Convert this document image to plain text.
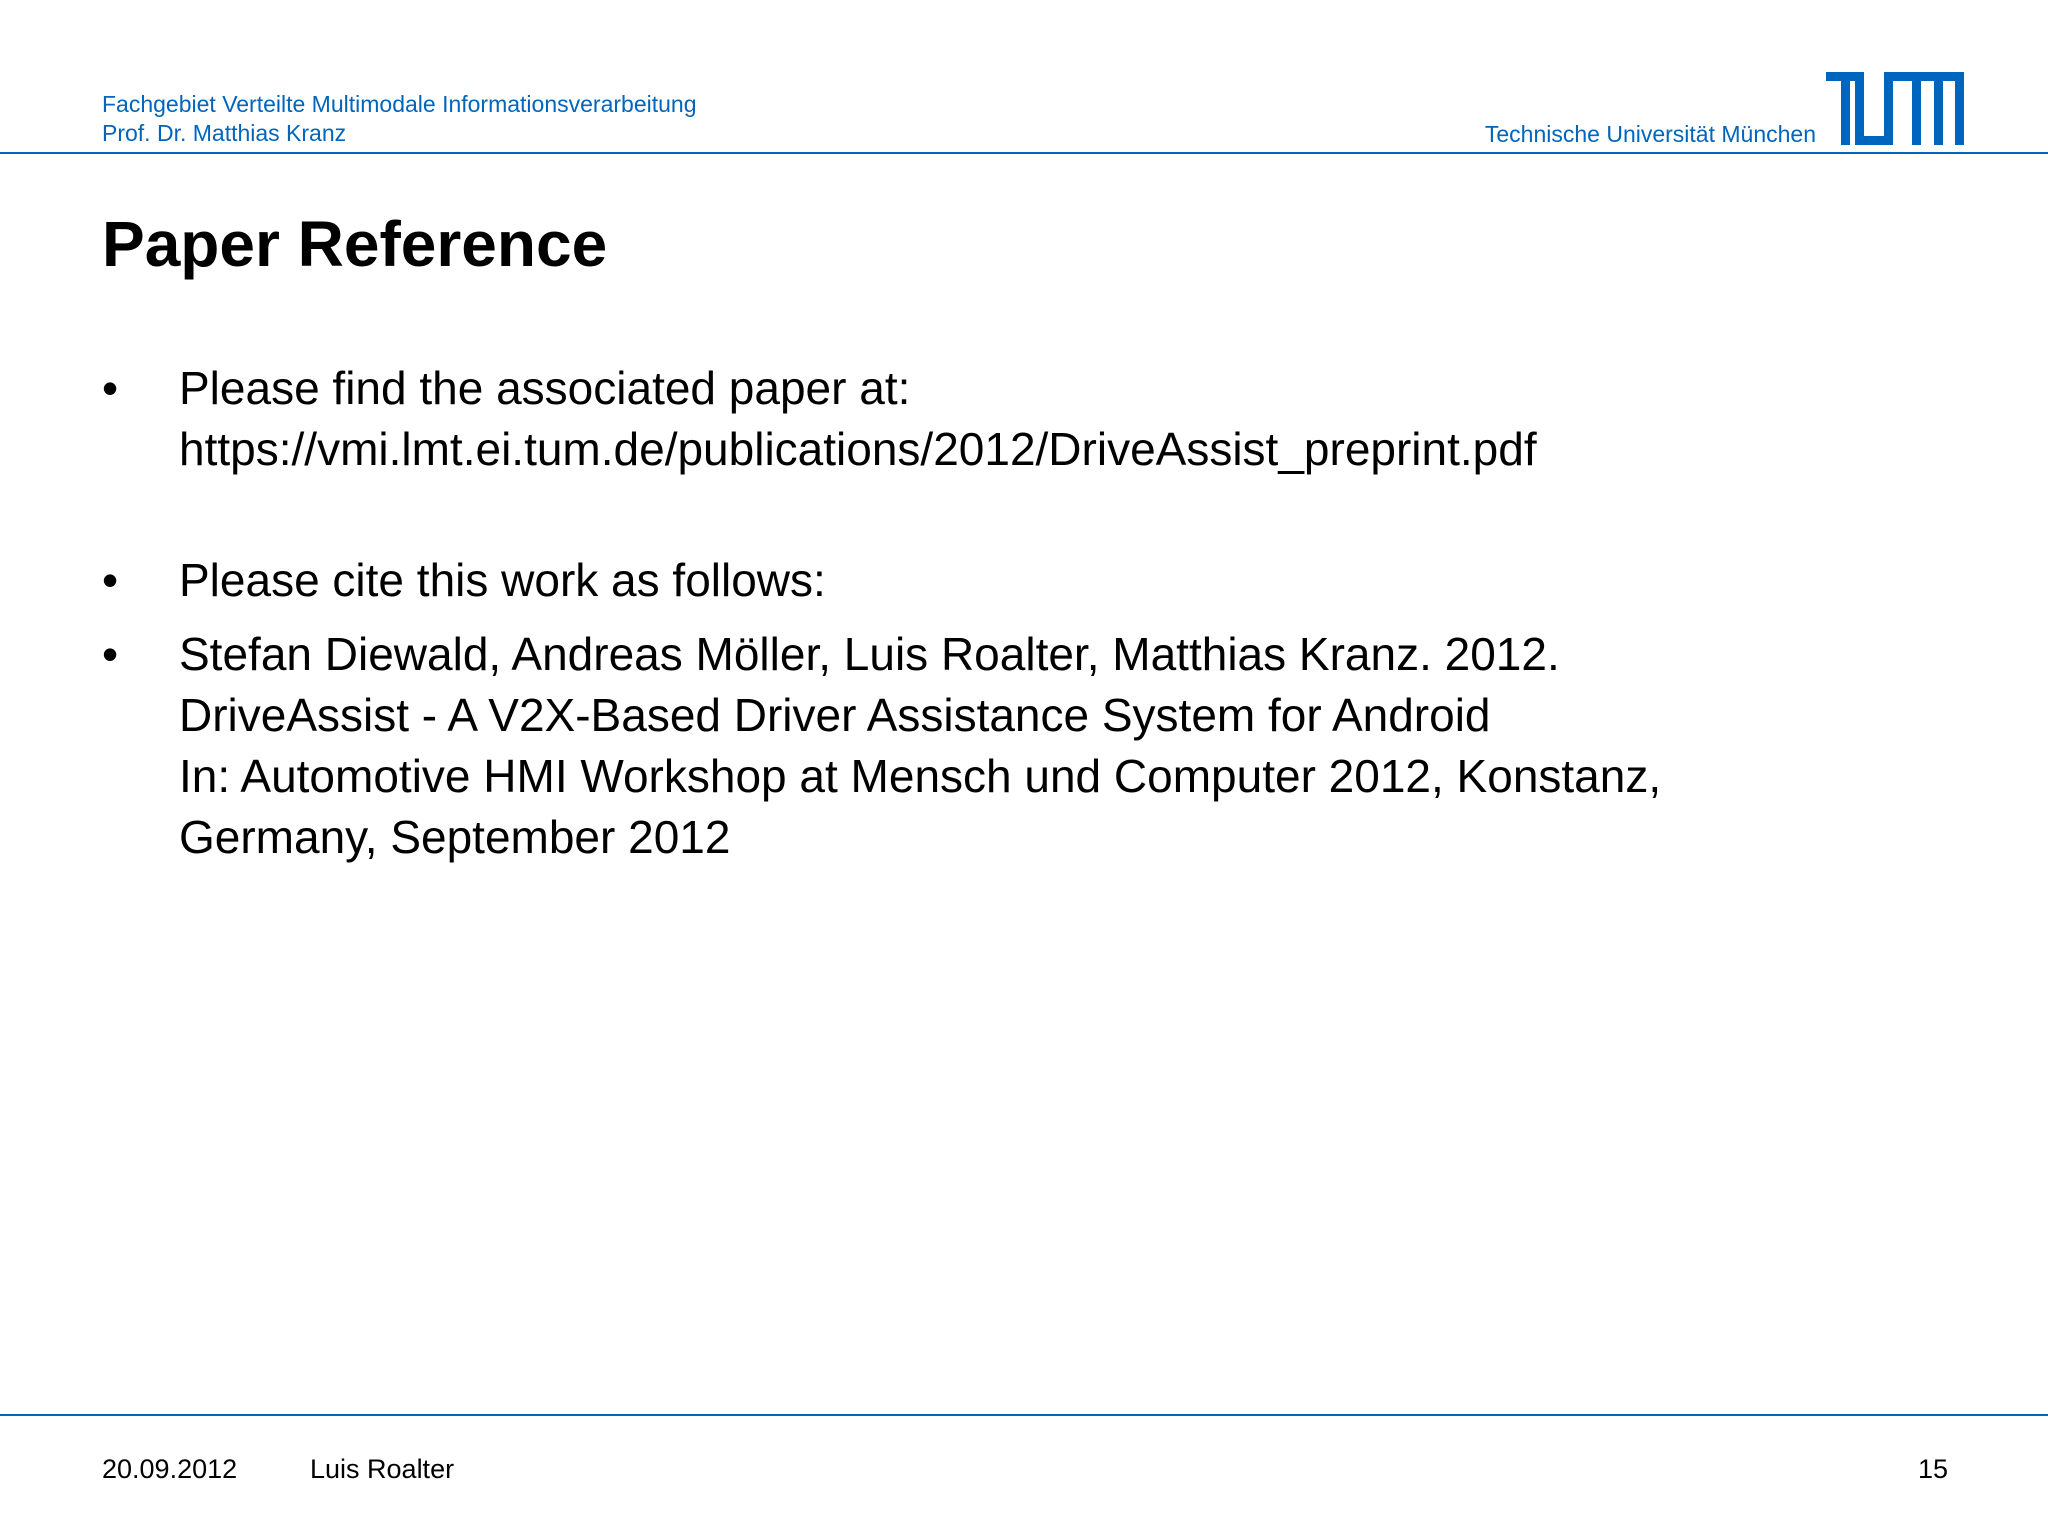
Fachgebiet Verteilte Multimodale Informationsverarbeitung
Prof. Dr. Matthias Kranz	Technische Universität München
Paper Reference
•	Please find the associated paper at:
https://vmi.lmt.ei.tum.de/publications/2012/DriveAssist_preprint.pdf
•	Please cite this work as follows:
•	Stefan Diewald, Andreas Möller, Luis Roalter, Matthias Kranz. 2012.
DriveAssist - A V2X-Based Driver Assistance System for Android
In: Automotive HMI Workshop at Mensch und Computer 2012, Konstanz,
Germany, September 2012
20.09.2012	Luis Roalter	15
